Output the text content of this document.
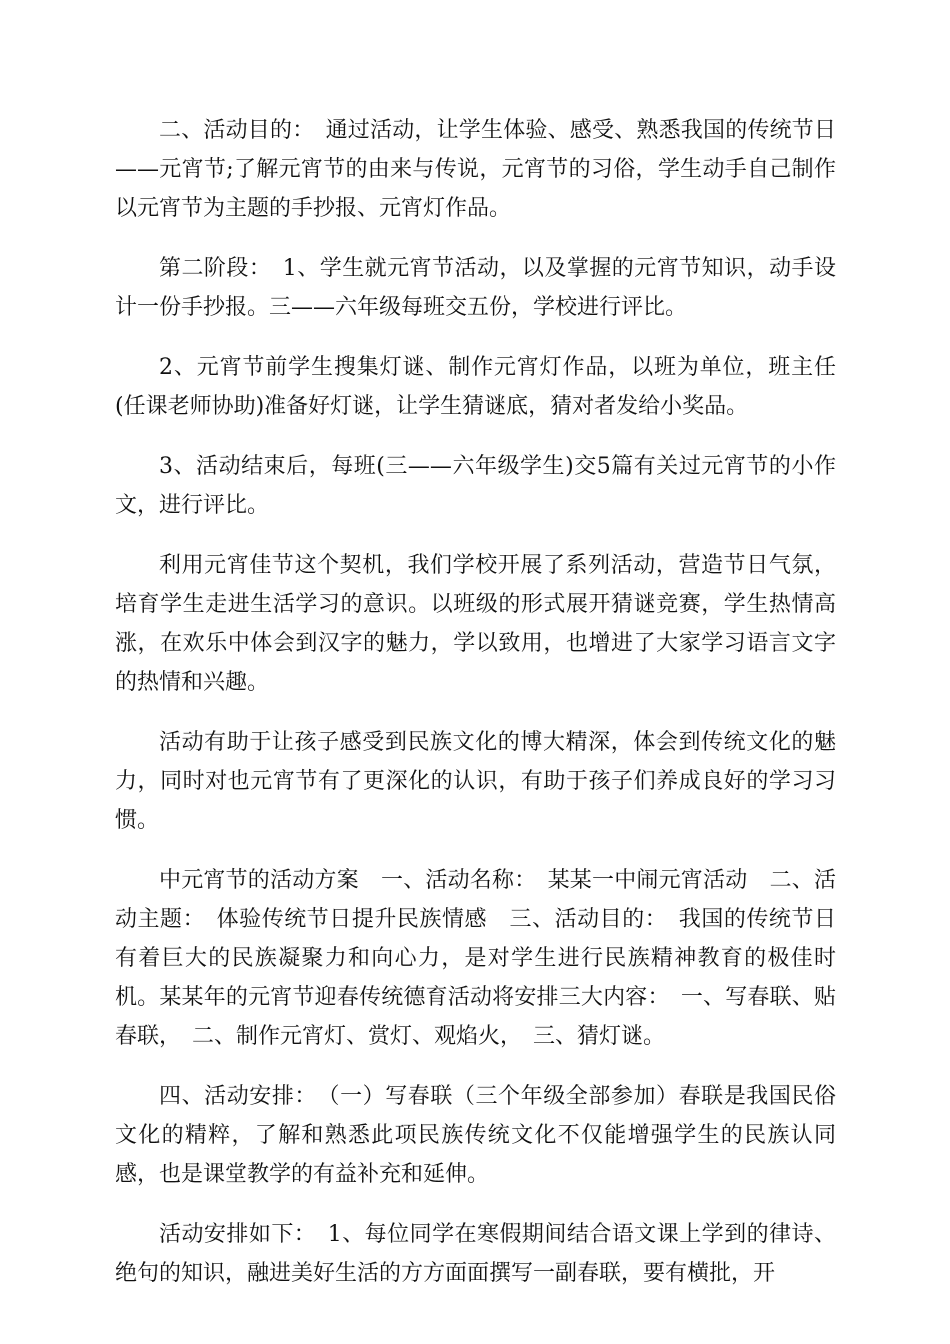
二、活动目的：　通过活动，让学生体验、感受、熟悉我国的传统节日——元宵节;了解元宵节的由来与传说，元宵节的习俗，学生动手自己制作以元宵节为主题的手抄报、元宵灯作品。

第二阶段：　1、学生就元宵节活动，以及掌握的元宵节知识，动手设计一份手抄报。三——六年级每班交五份，学校进行评比。

2、元宵节前学生搜集灯谜、制作元宵灯作品，以班为单位，班主任(任课老师协助)准备好灯谜，让学生猜谜底，猜对者发给小奖品。

3、活动结束后，每班(三——六年级学生)交5篇有关过元宵节的小作文，进行评比。

利用元宵佳节这个契机，我们学校开展了系列活动，营造节日气氛，培育学生走进生活学习的意识。以班级的形式展开猜谜竞赛，学生热情高涨，在欢乐中体会到汉字的魅力，学以致用，也增进了大家学习语言文字的热情和兴趣。

活动有助于让孩子感受到民族文化的博大精深，体会到传统文化的魅力，同时对也元宵节有了更深化的认识，有助于孩子们养成良好的学习习惯。

中元宵节的活动方案　一、活动名称：　某某一中闹元宵活动　二、活动主题：　体验传统节日提升民族情感　三、活动目的：　我国的传统节日有着巨大的民族凝聚力和向心力，是对学生进行民族精神教育的极佳时机。某某年的元宵节迎春传统德育活动将安排三大内容：　一、写春联、贴春联，　二、制作元宵灯、赏灯、观焰火，　三、猜灯谜。

四、活动安排：　（一）写春联（三个年级全部参加）春联是我国民俗文化的精粹，了解和熟悉此项民族传统文化不仅能增强学生的民族认同感，也是课堂教学的有益补充和延伸。

活动安排如下：　1、每位同学在寒假期间结合语文课上学到的律诗、绝句的知识，融进美好生活的方方面面撰写一副春联，要有横批，开
